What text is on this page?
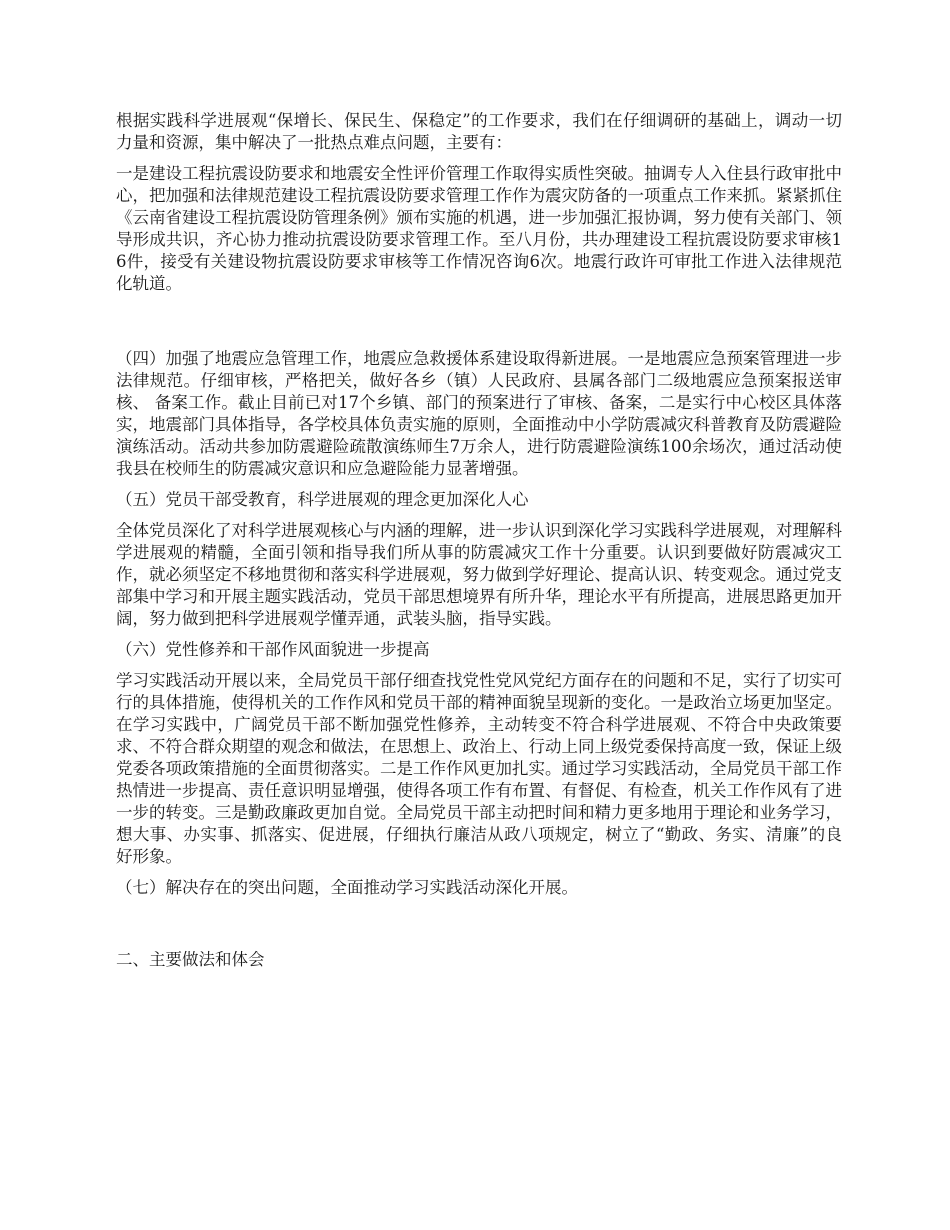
根据实践科学进展观“保增长、保民生、保稳定”的工作要求，我们在仔细调研的基础上，调动一切力量和资源，集中解决了一批热点难点问题，主要有：

一是建设工程抗震设防要求和地震安全性评价管理工作取得实质性突破。抽调专人入住县行政审批中心，把加强和法律规范建设工程抗震设防要求管理工作作为震灾防备的一项重点工作来抓。紧紧抓住《云南省建设工程抗震设防管理条例》颁布实施的机遇，进一步加强汇报协调，努力使有关部门、领导形成共识，齐心协力推动抗震设防要求管理工作。至八月份，共办理建设工程抗震设防要求审核16件，接受有关建设物抗震设防要求审核等工作情况咨询6次。地震行政许可审批工作进入法律规范化轨道。

（四）加强了地震应急管理工作，地震应急救援体系建设取得新进展。一是地震应急预案管理进一步法律规范。仔细审核，严格把关，做好各乡（镇）人民政府、县属各部门二级地震应急预案报送审核、 备案工作。截止目前已对17个乡镇、部门的预案进行了审核、备案，二是实行中心校区具体落实，地震部门具体指导，各学校具体负责实施的原则，全面推动中小学防震减灾科普教育及防震避险演练活动。活动共参加防震避险疏散演练师生7万余人，进行防震避险演练100余场次，通过活动使我县在校师生的防震减灾意识和应急避险能力显著增强。

（五）党员干部受教育，科学进展观的理念更加深化人心

全体党员深化了对科学进展观核心与内涵的理解，进一步认识到深化学习实践科学进展观，对理解科学进展观的精髓，全面引领和指导我们所从事的防震减灾工作十分重要。认识到要做好防震减灾工作，就必须坚定不移地贯彻和落实科学进展观，努力做到学好理论、提高认识、转变观念。通过党支部集中学习和开展主题实践活动，党员干部思想境界有所升华，理论水平有所提高，进展思路更加开阔，努力做到把科学进展观学懂弄通，武装头脑，指导实践。

（六）党性修养和干部作风面貌进一步提高

学习实践活动开展以来，全局党员干部仔细查找党性党风党纪方面存在的问题和不足，实行了切实可行的具体措施，使得机关的工作作风和党员干部的精神面貌呈现新的变化。一是政治立场更加坚定。在学习实践中，广阔党员干部不断加强党性修养，主动转变不符合科学进展观、不符合中央政策要求、不符合群众期望的观念和做法，在思想上、政治上、行动上同上级党委保持高度一致，保证上级党委各项政策措施的全面贯彻落实。二是工作作风更加扎实。通过学习实践活动，全局党员干部工作热情进一步提高、责任意识明显增强，使得各项工作有布置、有督促、有检查，机关工作作风有了进一步的转变。三是勤政廉政更加自觉。全局党员干部主动把时间和精力更多地用于理论和业务学习，想大事、办实事、抓落实、促进展，仔细执行廉洁从政八项规定，树立了“勤政、务实、清廉”的良好形象。

（七）解决存在的突出问题，全面推动学习实践活动深化开展。

二、主要做法和体会
